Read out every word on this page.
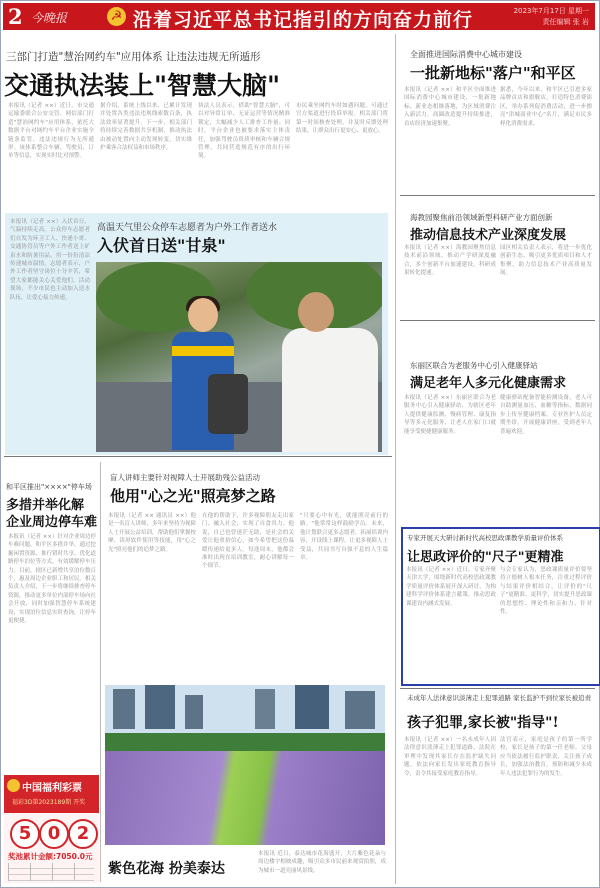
2 今晚报	☭ 沿着习近平总书记指引的方向奋力前行	2023年7月17日 星期一
责任编辑 张 岩
三部门打造"慧治网约车"应用体系 让违法违规无所遁形
交通执法装上"智慧大脑"
本报讯（记者 ××）近日，市交通运输委联合公安交管、网信部门打造"慧治网约车"应用体系，依托大数据平台对网约车平台企业实施全链条监管，违法违规行为无所遁形。该体系整合车辆、驾驶员、订单等信息，实现实时比对预警。
据介绍，系统上线以来，已累计发现并处置各类违法违规线索数百条，执法效率显著提升。下一步，相关部门将持续完善数据共享机制，推动执法由被动处置向主动发现转变，切实维护乘客合法权益和市场秩序。
执法人员表示，借助"智慧大脑"，可以对异常订单、无证运营等情况精准锁定，大幅减少人工排查工作量。同时，平台企业也被要求落实主体责任，加强驾驶员资质审核和车辆合规管理，共同营造规范有序的出行环境。
市民乘坐网约车时如遇问题，可通过官方渠道进行投诉举报。相关部门将第一时间核查处理，并及时反馈处理结果，让群众出行更安心、更放心。
本报讯（记者 ××）入伏首日，气温持续走高。公众停车志愿者们自发为环卫工人、快递小哥、交通协管员等户外工作者送上矿泉水和防暑用品，用一份份清凉传递城市温情。志愿者表示，户外工作者坚守岗位十分辛苦，希望大家都能关心关爱他们。活动现场，不少市民也主动加入送水队伍，让爱心接力传递。
高温天气里公众停车志愿者为户外工作者送水
入伏首日送"甘泉"
和平区推出"××××"停车场
多措并举化解
企业周边停车难
本报讯（记者 ××）针对企业周边停车难问题，和平区多措并举，通过挖掘闲置资源、推行错时共享、优化道路停车泊位等方式，有效缓解停车压力。目前，辖区已新增共享泊位数百个，惠及周边企业职工和居民。相关负责人介绍，下一步将继续排查停车资源，推动更多单位内部停车场向社会开放，同时加强智慧停车系统建设，实现泊位信息实时查询，让停车更便捷。
盲人讲师主要针对视障人士开展助残公益活动
他用"心之光"照亮梦之路
本报讯（记者 ×× 通讯员 ××）他是一名盲人讲师，多年来坚持为视障人士开展公益培训，帮助他们掌握按摩、读屏软件使用等技能，用"心之光"照亮他们的追梦之路。
在他的帮助下，许多视障朋友走出家门、融入社会，实现了自食其力。他说，自己也曾迷茫无助，是社会的关爱让他重拾信心，如今希望把这份温暖传递给更多人。每逢周末，他都会准时出现在培训教室，耐心讲解每一个细节。
"只要心中有光，就能照亮前行的路。"他常常这样鼓励学员。未来，他计划联合更多志愿者，拓展培训内容，开设线上课程，让更多视障人士受益，共同书写自强不息的人生篇章。
紫色花海 扮美泰达
本报讯 近日，泰达城市花海盛开，大片紫色花朵与周边楼宇相映成趣，吸引众多市民前来观赏拍照，成为城市一道亮丽风景线。
中国福利彩票
福彩3D第2023189期 开奖
5 0 2
奖池累计金额:7050.0元
全面推进国际消费中心城市建设
一批新地标"落户"和平区
本报讯（记者 ××）和平区全面推进国际消费中心城市建设，一批新地标、新业态相继落地，为区域消费注入新活力。商圈改造提升持续推进，首店经济加速集聚。
据悉，今年以来，和平区已引进多家品牌首店和旗舰店，打造特色消费街区，举办系列促消费活动，进一步擦亮"津城商业中心"名片，满足市民多样化消费需求。
海教园聚焦前沿领域新型科研产业方面创新
推动信息技术产业深度发展
本报讯（记者 ××）海教园聚焦信息技术前沿领域，推动产学研深度融合，多个创新平台加速建设，科研成果转化提速。
园区相关负责人表示，将进一步优化创新生态，吸引更多优质项目和人才集聚，助力信息技术产业高质量发展。
东丽区联合为老服务中心引入健康驿站
满足老年人多元化健康需求
本报讯（记者 ××）东丽区联合为老服务中心引入健康驿站，为辖区老年人提供健康监测、慢病管理、康复指导等多元化服务，让老人在家门口就能享受便捷健康服务。
健康驿站配备智能检测设备，老人可自助测量血压、血糖等指标，数据同步上传至健康档案。专业医护人员定期坐诊，开展健康讲座，受到老年人普遍欢迎。
专家开展天大研讨新时代高校思政课教学质量评价体系
让思政评价的"尺子"更精准
本报讯（记者 ××）近日，专家齐聚天津大学，围绕新时代高校思政课教学质量评价体系展开深入研讨，为构建科学评价体系建言献策，推动思政课建设内涵式发展。
与会专家认为，思政课质量评价要坚持立德树人根本任务，注重过程评价与结果评价相结合，让评价的"尺子"更精准、更科学，切实提升思政课的思想性、理论性和亲和力、针对性。
未成年人法律意识淡薄走上犯罪道路 家长监护不到位家长被追责
孩子犯罪,家长被"指导"!
本报讯（记者 ××）一名未成年人因法律意识淡薄走上犯罪道路，法院在审理中发现其家长存在监护缺失问题，依法向家长发出家庭教育指导令，责令其接受家庭教育指导。
法官表示，家庭是孩子的第一所学校，家长是孩子的第一任老师。父母应当依法履行监护职责，关注孩子成长，加强法治教育，预防和减少未成年人违法犯罪行为的发生。
